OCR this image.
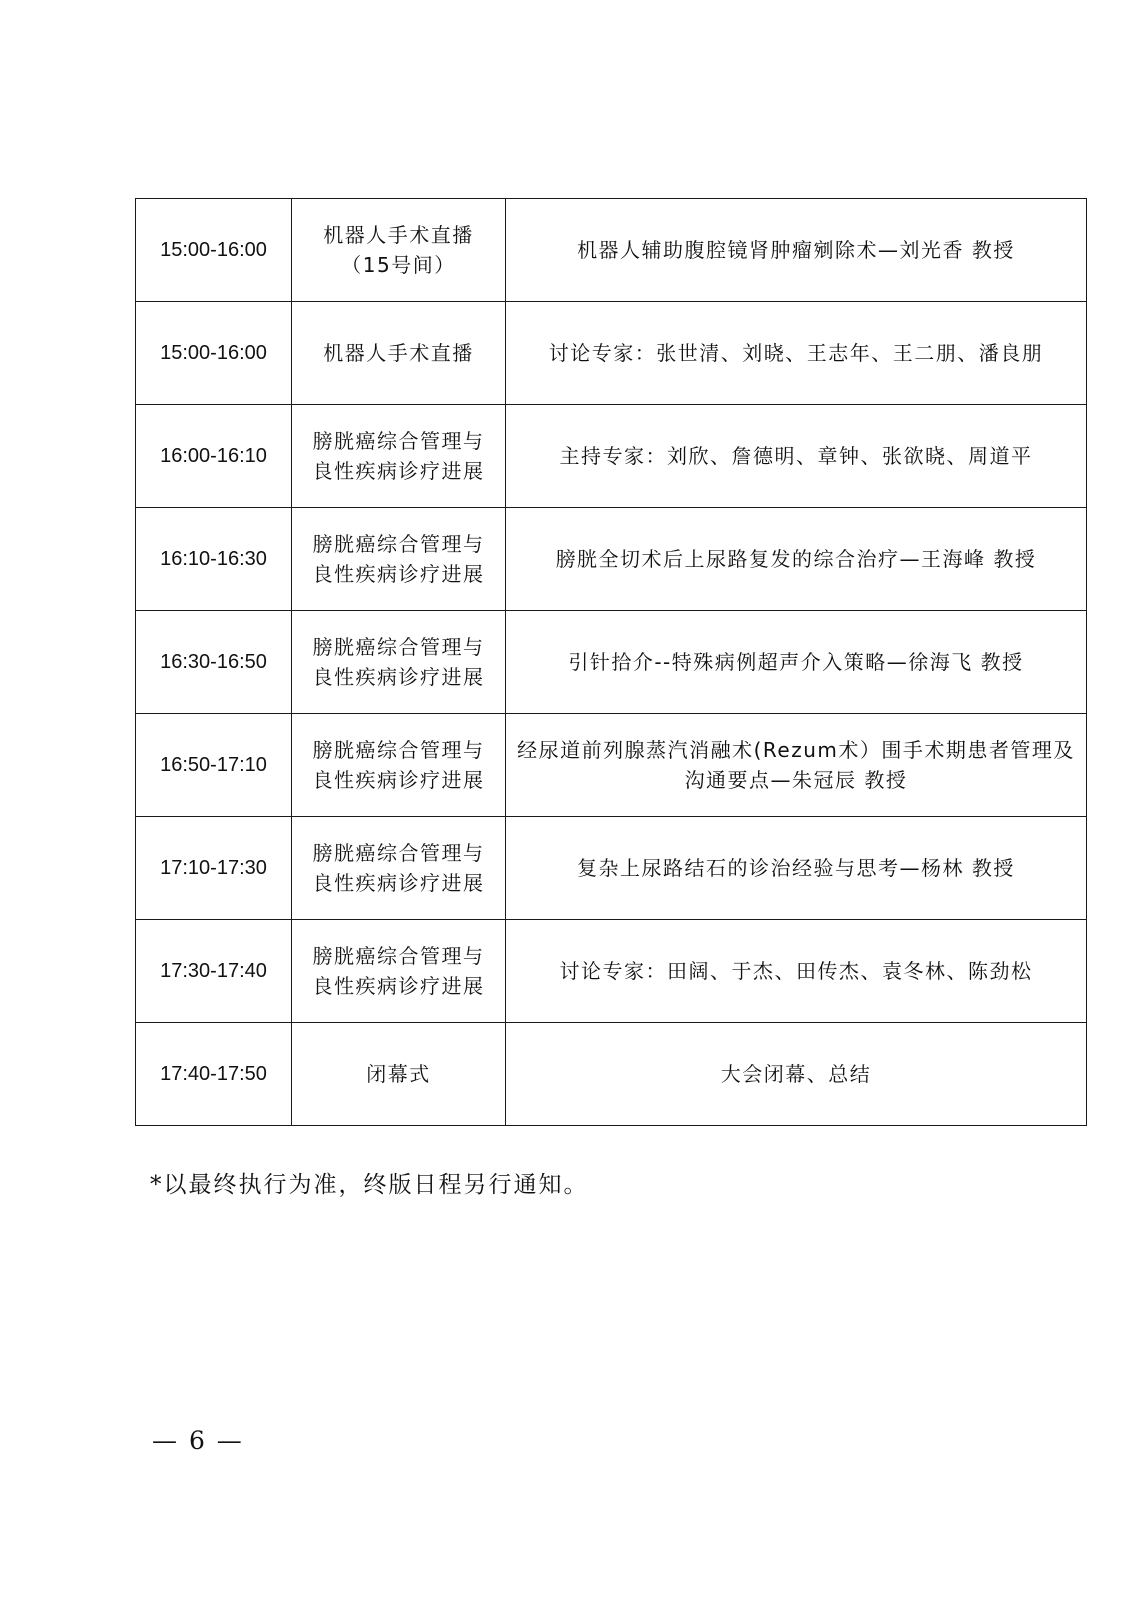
15:00-16:00	机器人手术直播（15号间）	机器人辅助腹腔镜肾肿瘤剜除术—刘光香 教授
15:00-16:00	机器人手术直播	讨论专家：张世清、刘晓、王志年、王二朋、潘良朋
16:00-16:10	膀胱癌综合管理与良性疾病诊疗进展	主持专家：刘欣、詹德明、章钟、张欲晓、周道平
16:10-16:30	膀胱癌综合管理与良性疾病诊疗进展	膀胱全切术后上尿路复发的综合治疗—王海峰 教授
16:30-16:50	膀胱癌综合管理与良性疾病诊疗进展	引针拾介--特殊病例超声介入策略—徐海飞 教授
16:50-17:10	膀胱癌综合管理与良性疾病诊疗进展	经尿道前列腺蒸汽消融术(Rezum术）围手术期患者管理及沟通要点—朱冠辰 教授
17:10-17:30	膀胱癌综合管理与良性疾病诊疗进展	复杂上尿路结石的诊治经验与思考—杨林 教授
17:30-17:40	膀胱癌综合管理与良性疾病诊疗进展	讨论专家：田阔、于杰、田传杰、袁冬林、陈劲松
17:40-17:50	闭幕式	大会闭幕、总结
*以最终执行为准，终版日程另行通知。
— 6 —
